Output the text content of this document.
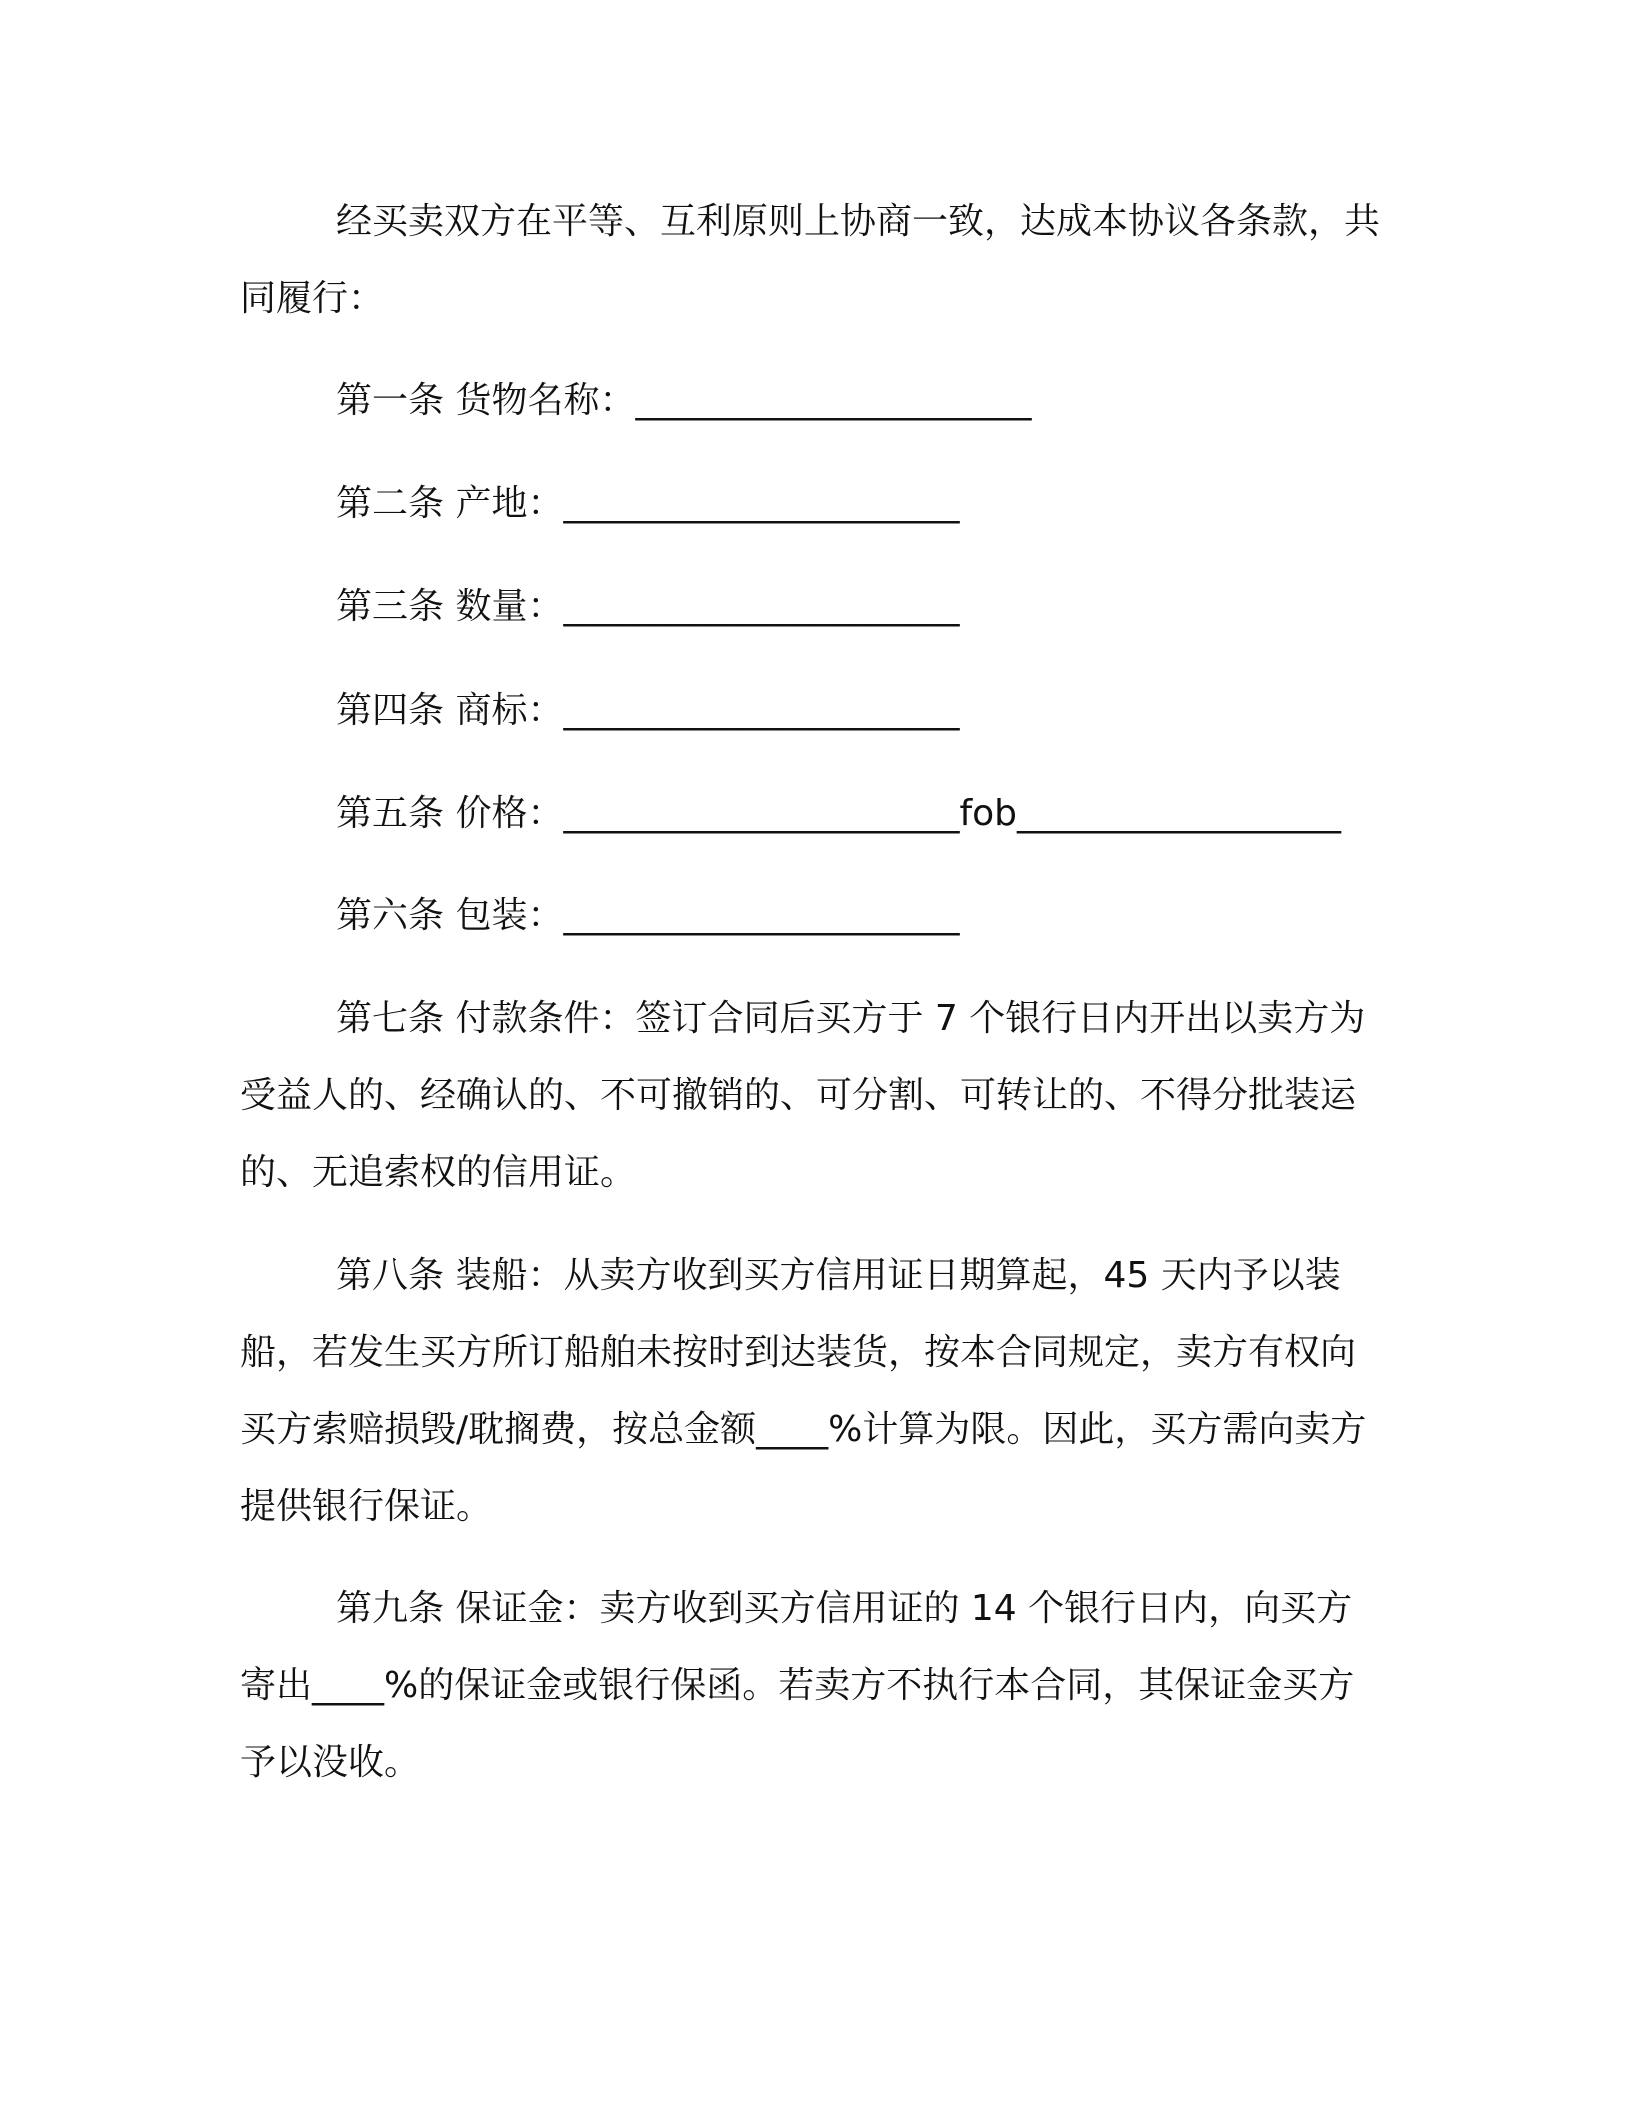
经买卖双方在平等、互利原则上协商一致，达成本协议各条款，共同履行：
第一条 货物名称：______________________
第二条 产地：______________________
第三条 数量：______________________
第四条 商标：______________________
第五条 价格：______________________fob__________________
第六条 包装：______________________
第七条 付款条件：签订合同后买方于 7 个银行日内开出以卖方为受益人的、经确认的、不可撤销的、可分割、可转让的、不得分批装运的、无追索权的信用证。
第八条 装船：从卖方收到买方信用证日期算起，45 天内予以装船，若发生买方所订船舶未按时到达装货，按本合同规定，卖方有权向买方索赔损毁/耽搁费，按总金额____%计算为限。因此，买方需向卖方提供银行保证。
第九条 保证金：卖方收到买方信用证的 14 个银行日内，向买方寄出____%的保证金或银行保函。若卖方不执行本合同，其保证金买方予以没收。
